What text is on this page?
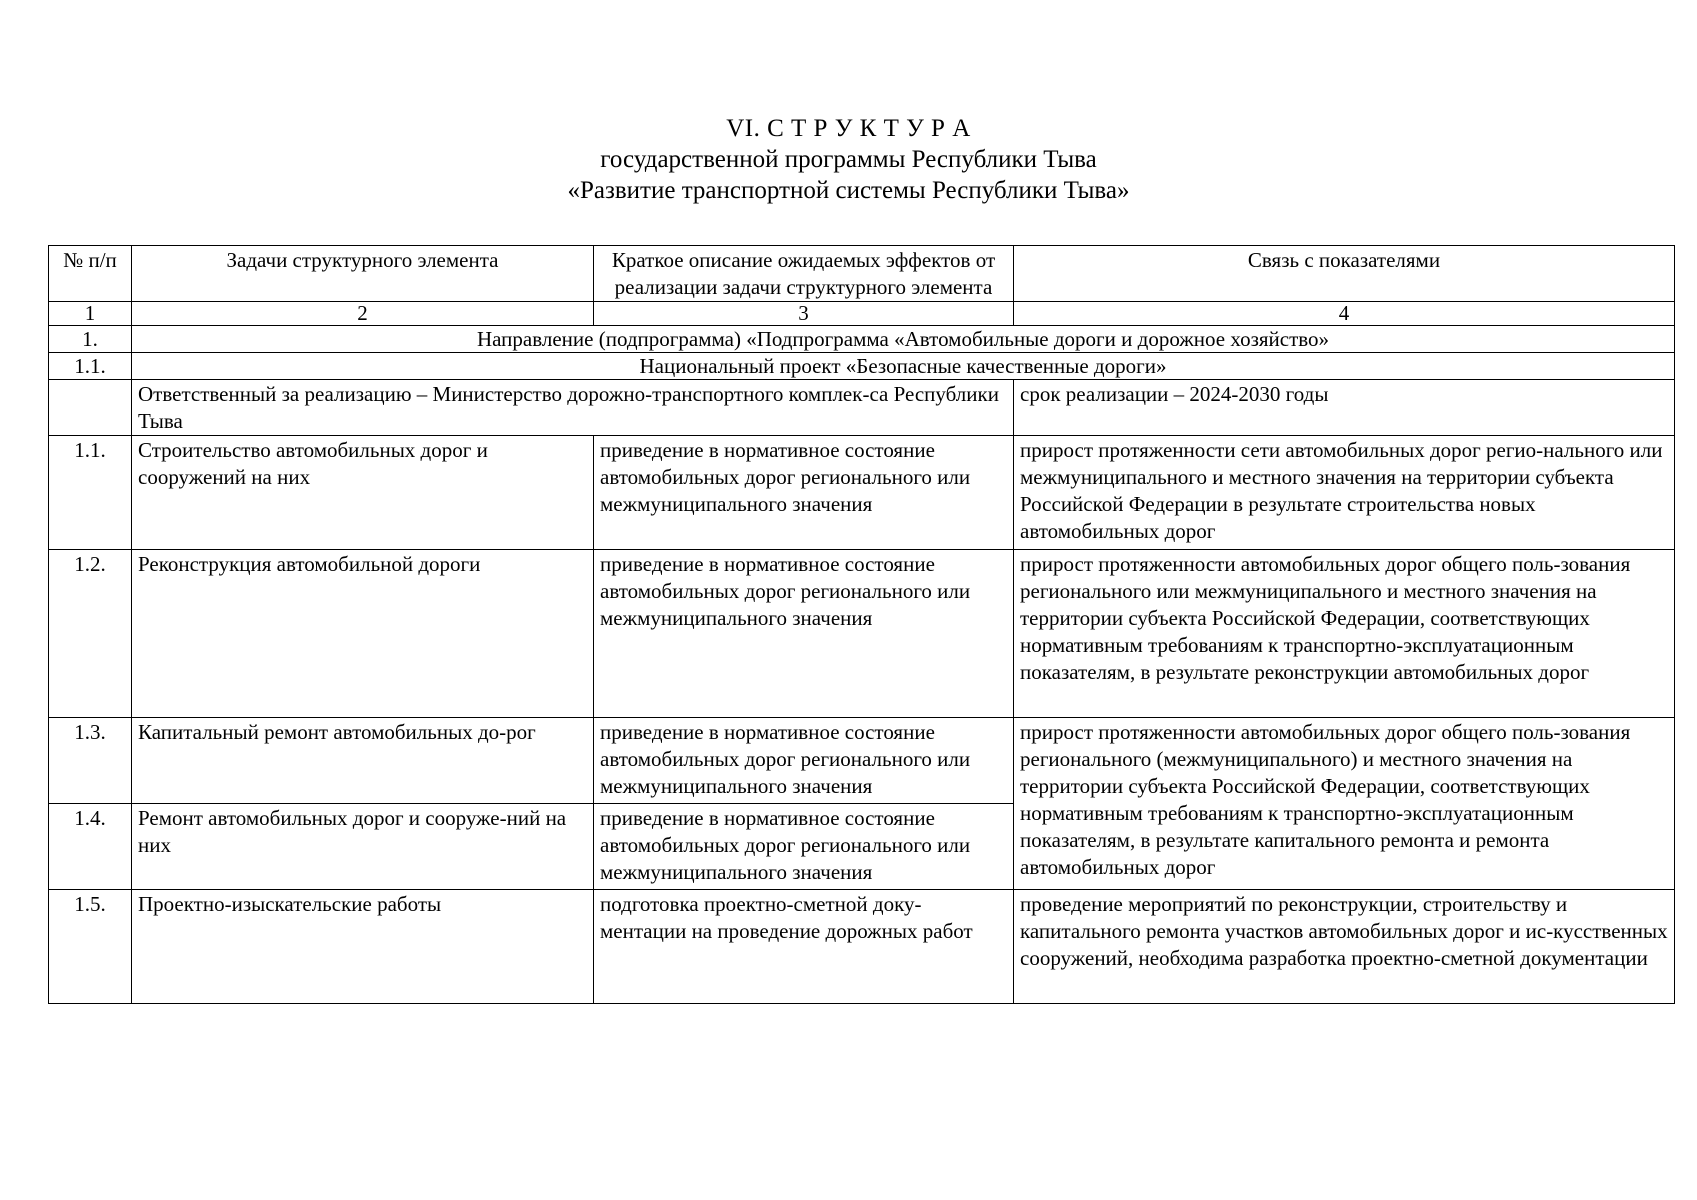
VI. С Т Р У К Т У Р А
государственной программы Республики Тыва
«Развитие транспортной системы Республики Тыва»
№ п/п	Задачи структурного элемента	Краткое описание ожидаемых эффектов от реализации задачи структурного элемента	Связь с показателями
1	2	3	4
1.	Направление (подпрограмма) «Подпрограмма «Автомобильные дороги и дорожное хозяйство»		
1.1.	Национальный проект «Безопасные качественные дороги»		
	Ответственный за реализацию – Министерство дорожно-транспортного комплек-са Республики Тыва		срок реализации – 2024-2030 годы
1.1.	Строительство автомобильных дорог и сооружений на них	приведение в нормативное состояние автомобильных дорог регионального или межмуниципального значения	прирост протяженности сети автомобильных дорог регио-нального или межмуниципального и местного значения на территории субъекта Российской Федерации в результате строительства новых автомобильных дорог
1.2.	Реконструкция автомобильной дороги	приведение в нормативное состояние автомобильных дорог регионального или межмуниципального значения	прирост протяженности автомобильных дорог общего поль-зования регионального или межмуниципального и местного значения на территории субъекта Российской Федерации, соответствующих нормативным требованиям к транспортно-эксплуатационным показателям, в результате реконструкции автомобильных дорог
1.3.	Капитальный ремонт автомобильных до-рог	приведение в нормативное состояние автомобильных дорог регионального или межмуниципального значения	прирост протяженности автомобильных дорог общего поль-зования регионального (межмуниципального) и местного значения на территории субъекта Российской Федерации, соответствующих нормативным требованиям к транспортно-эксплуатационным показателям, в результате капитального ремонта и ремонта автомобильных дорог
1.4.	Ремонт автомобильных дорог и сооруже-ний на них	приведение в нормативное состояние автомобильных дорог регионального или межмуниципального значения	
1.5.	Проектно-изыскательские работы	подготовка проектно-сметной доку-ментации на проведение дорожных работ	проведение мероприятий по реконструкции, строительству и капитального ремонта участков автомобильных дорог и ис-кусственных сооружений, необходима разработка проектно-сметной документации
